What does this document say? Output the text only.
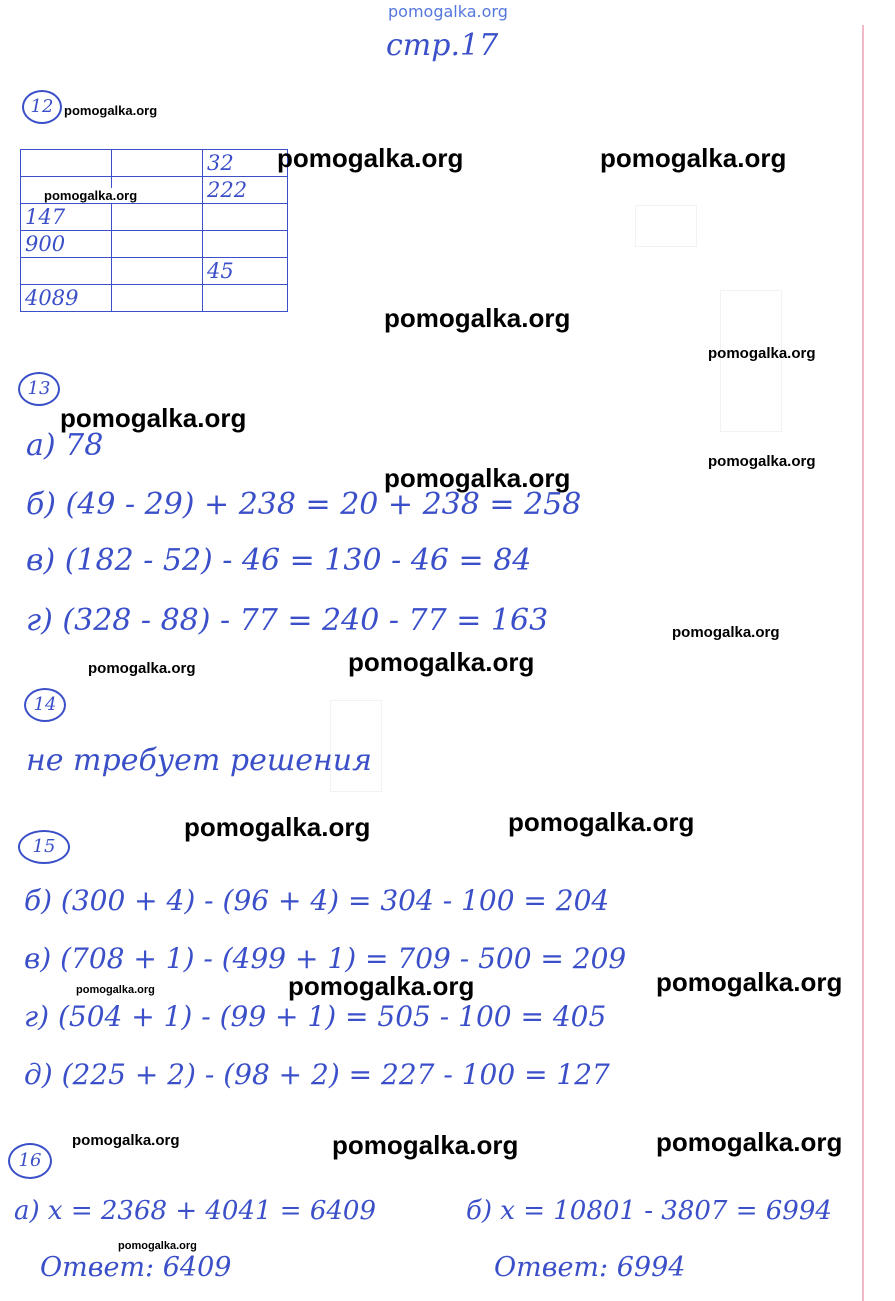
pomogalka.org
стр.17
12
		32
		222
147		
900		
		45
4089		
13
а) 78
б) (49 - 29) + 238 = 20 + 238 = 258
в) (182 - 52) - 46 = 130 - 46 = 84
г) (328 - 88) - 77 = 240 - 77 = 163
14
не требует решения
15
б) (300 + 4) - (96 + 4) = 304 - 100 = 204
в) (708 + 1) - (499 + 1) = 709 - 500 = 209
г) (504 + 1) - (99 + 1) = 505 - 100 = 405
д) (225 + 2) - (98 + 2) = 227 - 100 = 127
16
а) x = 2368 + 4041 = 6409
Ответ: 6409
б) x = 10801 - 3807 = 6994
Ответ: 6994
pomogalka.org
pomogalka.org	pomogalka.org
pomogalka.org
pomogalka.org
pomogalka.org
pomogalka.org
pomogalka.org
pomogalka.org
pomogalka.org
pomogalka.org
pomogalka.org
pomogalka.org
pomogalka.org
pomogalka.org
pomogalka.org
pomogalka.org
pomogalka.org	pomogalka.org	pomogalka.org
pomogalka.org
